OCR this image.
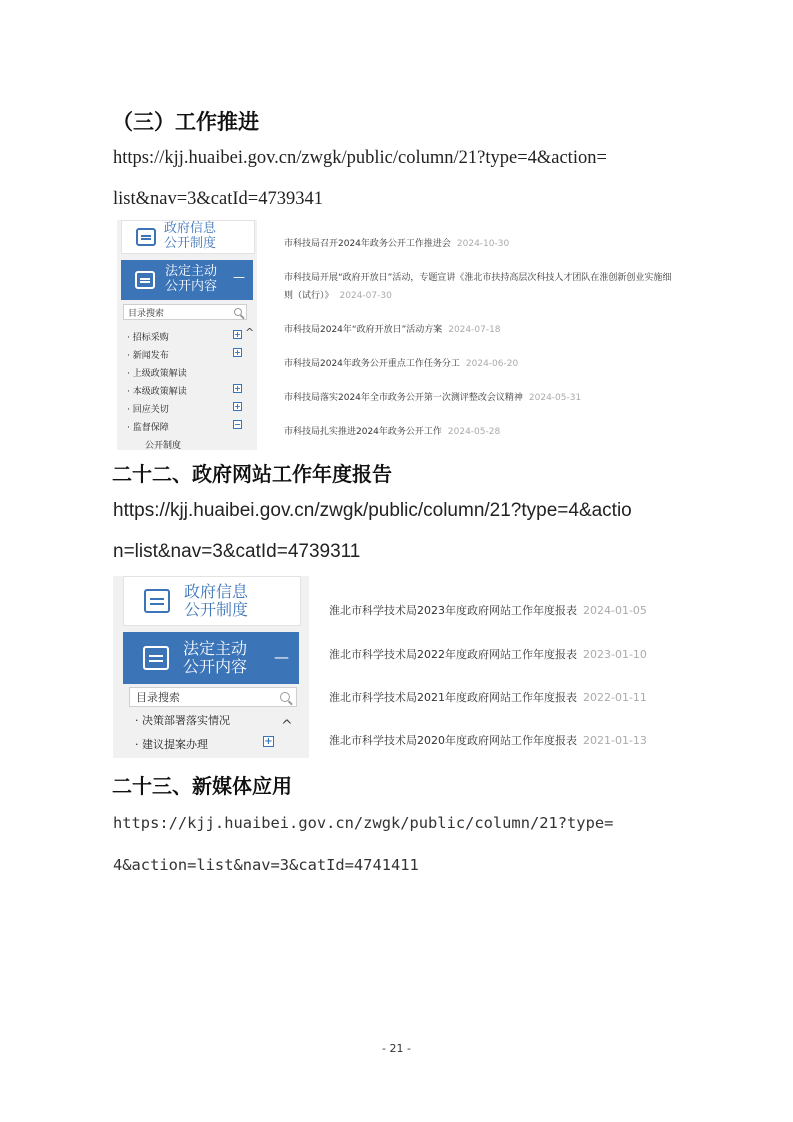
（三）工作推进
https://kjj.huaibei.gov.cn/zwgk/public/column/21?type=4&action=
list&nav=3&catId=4739341
政府信息
公开制度
法定主动
公开内容
—
目录搜索
· 招标采购	+ ^
· 新闻发布	+
· 上级政策解读
· 本级政策解读	+
· 回应关切	+
· 监督保障	−
公开制度
市科技局召开2024年政务公开工作推进会 2024-10-30
市科技局开展“政府开放日”活动，专题宣讲《淮北市扶持高层次科技人才团队在淮创新创业实施细
则（试行）》 2024-07-30
市科技局2024年“政府开放日”活动方案 2024-07-18
市科技局2024年政务公开重点工作任务分工 2024-06-20
市科技局落实2024年全市政务公开第一次测评整改会议精神 2024-05-31
市科技局扎实推进2024年政务公开工作 2024-05-28
二十二、政府网站工作年度报告
https://kjj.huaibei.gov.cn/zwgk/public/column/21?type=4&actio
n=list&nav=3&catId=4739311
政府信息
公开制度
法定主动
公开内容 —
目录搜索
· 决策部署落实情况	^
· 建议提案办理	+
淮北市科学技术局2023年度政府网站工作年度报表 2024-01-05
淮北市科学技术局2022年度政府网站工作年度报表 2023-01-10
淮北市科学技术局2021年度政府网站工作年度报表 2022-01-11
淮北市科学技术局2020年度政府网站工作年度报表 2021-01-13
二十三、新媒体应用
https://kjj.huaibei.gov.cn/zwgk/public/column/21?type=
4&action=list&nav=3&catId=4741411
- 21 -
